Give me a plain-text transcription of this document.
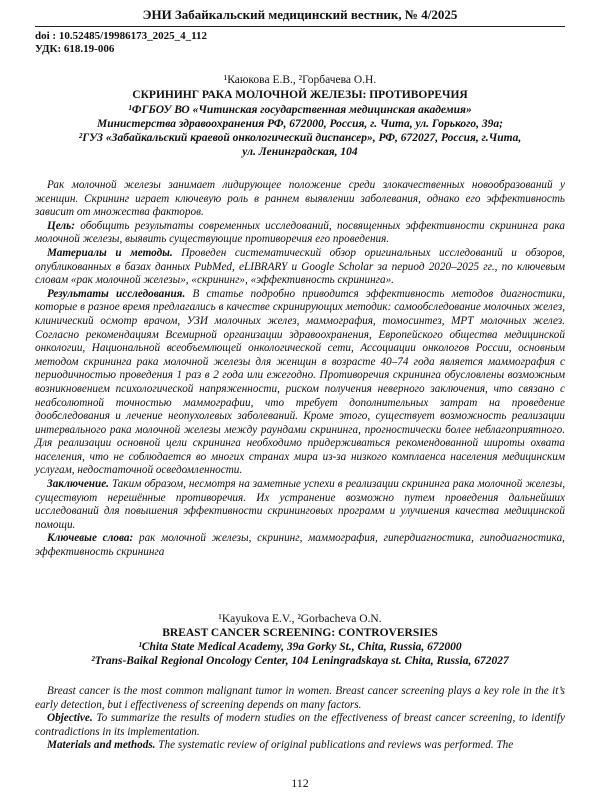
ЭНИ Забайкальский медицинский вестник, № 4/2025
doi : 10.52485/19986173_2025_4_112
УДК: 618.19-006
¹Каюкова Е.В., ²Горбачева О.Н.
СКРИНИНГ РАКА МОЛОЧНОЙ ЖЕЛЕЗЫ: ПРОТИВОРЕЧИЯ
¹ФГБОУ ВО «Читинская государственная медицинская академия»
Министерства здравоохранения РФ, 672000, Россия, г. Чита, ул. Горького, 39а;
²ГУЗ «Забайкальский краевой онкологический диспансер», РФ, 672027, Россия, г.Чита,
ул. Ленинградская, 104

Рак молочной железы занимает лидирующее положение среди злокачественных новообразований у женщин. Скрининг играет ключевую роль в раннем выявлении заболевания, однако его эффективность зависит от множества факторов.

Цель: обобщить результаты современных исследований, посвященных эффективности скрининга рака молочной железы, выявить существующие противоречия его проведения.

Материалы и методы. Проведен систематический обзор оригинальных исследований и обзоров, опубликованных в базах данных PubMed, eLIBRARY и Google Scholar за период 2020–2025 гг., по ключевым словам «рак молочной железы», «скрининг», «эффективность скрининга».

Результаты исследования. В статье подробно приводится эффективность методов диагностики, которые в разное время предлагались в качестве скринирующих методик: самообследование молочных желез, клинический осмотр врачом, УЗИ молочных желез, маммография, томосинтез, МРТ молочных желез. Согласно рекомендациям Всемирной организации здравоохранения, Европейского общества медицинской онкологии, Национальной всеобъемлющей онкологической сети, Ассоциации онкологов России, основным методом скрининга рака молочной железы для женщин в возрасте 40–74 года является маммография с периодичностью проведения 1 раз в 2 года или ежегодно. Противоречия скрининга обусловлены возможным возникновением психологической напряженности, риском получения неверного заключения, что связано с неабсолютной точностью маммографии, что требует дополнительных затрат на проведение дообследования и лечение неопухолевых заболеваний. Кроме этого, существует возможность реализации интервального рака молочной железы между раундами скрининга, прогностически более неблагоприятного. Для реализации основной цели скрининга необходимо придерживаться рекомендованной широты охвата населения, что не соблюдается во многих странах мира из-за низкого комплаенса населения медицинским услугам, недостаточной осведомленности.

Заключение. Таким образом, несмотря на заметные успехи в реализации скрининга рака молочной железы, существуют нерешённые противоречия. Их устранение возможно путем проведения дальнейших исследований для повышения эффективности скрининговых программ и улучшения качества медицинской помощи.

Ключевые слова: рак молочной железы, скрининг, маммография, гипердиагностика, гиподиагностика, эффективность скрининга

¹Kayukova E.V., ²Gorbacheva O.N.
BREAST CANCER SCREENING: CONTROVERSIES
¹Chita State Medical Academy, 39a Gorky St., Chita, Russia, 672000
²Trans-Baikal Regional Oncology Center, 104 Leningradskaya st. Chita, Russia, 672027

Breast cancer is the most common malignant tumor in women. Breast cancer screening plays a key role in the it’s early detection, but i effectiveness of screening depends on many factors.

Objective. To summarize the results of modern studies on the effectiveness of breast cancer screening, to identify contradictions in its implementation.

Materials and methods. The systematic review of original publications and reviews was performed. The

112
